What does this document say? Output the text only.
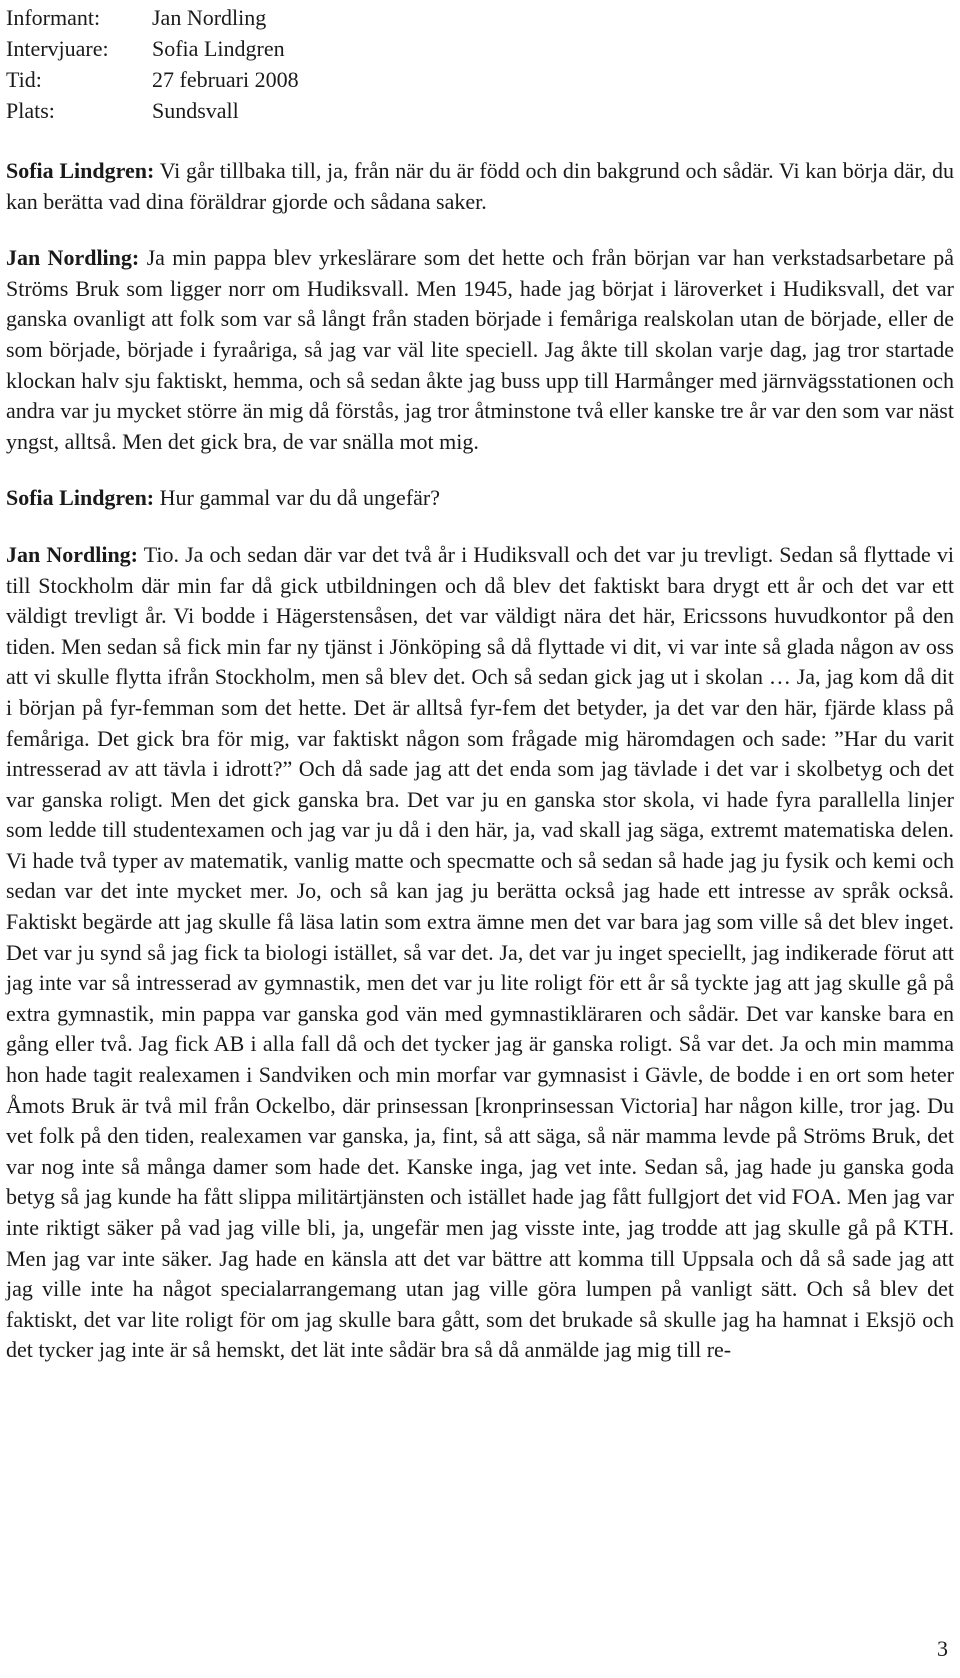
Informant:	Jan Nordling
Intervjuare:	Sofia Lindgren
Tid:	27 februari 2008
Plats:	Sundsvall

Sofia Lindgren: Vi går tillbaka till, ja, från när du är född och din bakgrund och sådär. Vi kan börja där, du kan berätta vad dina föräldrar gjorde och sådana saker.

Jan Nordling: Ja min pappa blev yrkeslärare som det hette och från början var han verkstadsarbetare på Ströms Bruk som ligger norr om Hudiksvall. Men 1945, hade jag börjat i läroverket i Hudiksvall, det var ganska ovanligt att folk som var så långt från staden började i femåriga realskolan utan de började, eller de som började, började i fyraåriga, så jag var väl lite speciell. Jag åkte till skolan varje dag, jag tror startade klockan halv sju faktiskt, hemma, och så sedan åkte jag buss upp till Harmånger med järnvägsstationen och andra var ju mycket större än mig då förstås, jag tror åtminstone två eller kanske tre år var den som var näst yngst, alltså. Men det gick bra, de var snälla mot mig.

Sofia Lindgren: Hur gammal var du då ungefär?

Jan Nordling: Tio. Ja och sedan där var det två år i Hudiksvall och det var ju trevligt. Sedan så flyttade vi till Stockholm där min far då gick utbildningen och då blev det faktiskt bara drygt ett år och det var ett väldigt trevligt år. Vi bodde i Hägerstensåsen, det var väldigt nära det här, Ericssons huvudkontor på den tiden. Men sedan så fick min far ny tjänst i Jönköping så då flyttade vi dit, vi var inte så glada någon av oss att vi skulle flytta ifrån Stockholm, men så blev det. Och så sedan gick jag ut i skolan … Ja, jag kom då dit i början på fyr-femman som det hette. Det är alltså fyr-fem det betyder, ja det var den här, fjärde klass på femåriga. Det gick bra för mig, var faktiskt någon som frågade mig häromdagen och sade: ”Har du varit intresserad av att tävla i idrott?” Och då sade jag att det enda som jag tävlade i det var i skolbetyg och det var ganska roligt. Men det gick ganska bra. Det var ju en ganska stor skola, vi hade fyra parallella linjer som ledde till studentexamen och jag var ju då i den här, ja, vad skall jag säga, extremt matematiska delen. Vi hade två typer av matematik, vanlig matte och specmatte och så sedan så hade jag ju fysik och kemi och sedan var det inte mycket mer. Jo, och så kan jag ju berätta också jag hade ett intresse av språk också. Faktiskt begärde att jag skulle få läsa latin som extra ämne men det var bara jag som ville så det blev inget. Det var ju synd så jag fick ta biologi istället, så var det. Ja, det var ju inget speciellt, jag indikerade förut att jag inte var så intresserad av gymnastik, men det var ju lite roligt för ett år så tyckte jag att jag skulle gå på extra gymnastik, min pappa var ganska god vän med gymnastikläraren och sådär. Det var kanske bara en gång eller två. Jag fick AB i alla fall då och det tycker jag är ganska roligt. Så var det. Ja och min mamma hon hade tagit realexamen i Sandviken och min morfar var gymnasist i Gävle, de bodde i en ort som heter Åmots Bruk är två mil från Ockelbo, där prinsessan [kronprinsessan Victoria] har någon kille, tror jag. Du vet folk på den tiden, realexamen var ganska, ja, fint, så att säga, så när mamma levde på Ströms Bruk, det var nog inte så många damer som hade det. Kanske inga, jag vet inte. Sedan så, jag hade ju ganska goda betyg så jag kunde ha fått slippa militärtjänsten och istället hade jag fått fullgjort det vid FOA. Men jag var inte riktigt säker på vad jag ville bli, ja, ungefär men jag visste inte, jag trodde att jag skulle gå på KTH. Men jag var inte säker. Jag hade en känsla att det var bättre att komma till Uppsala och då så sade jag att jag ville inte ha något specialarrangemang utan jag ville göra lumpen på vanligt sätt. Och så blev det faktiskt, det var lite roligt för om jag skulle bara gått, som det brukade så skulle jag ha hamnat i Eksjö och det tycker jag inte är så hemskt, det lät inte sådär bra så då anmälde jag mig till re-

3
